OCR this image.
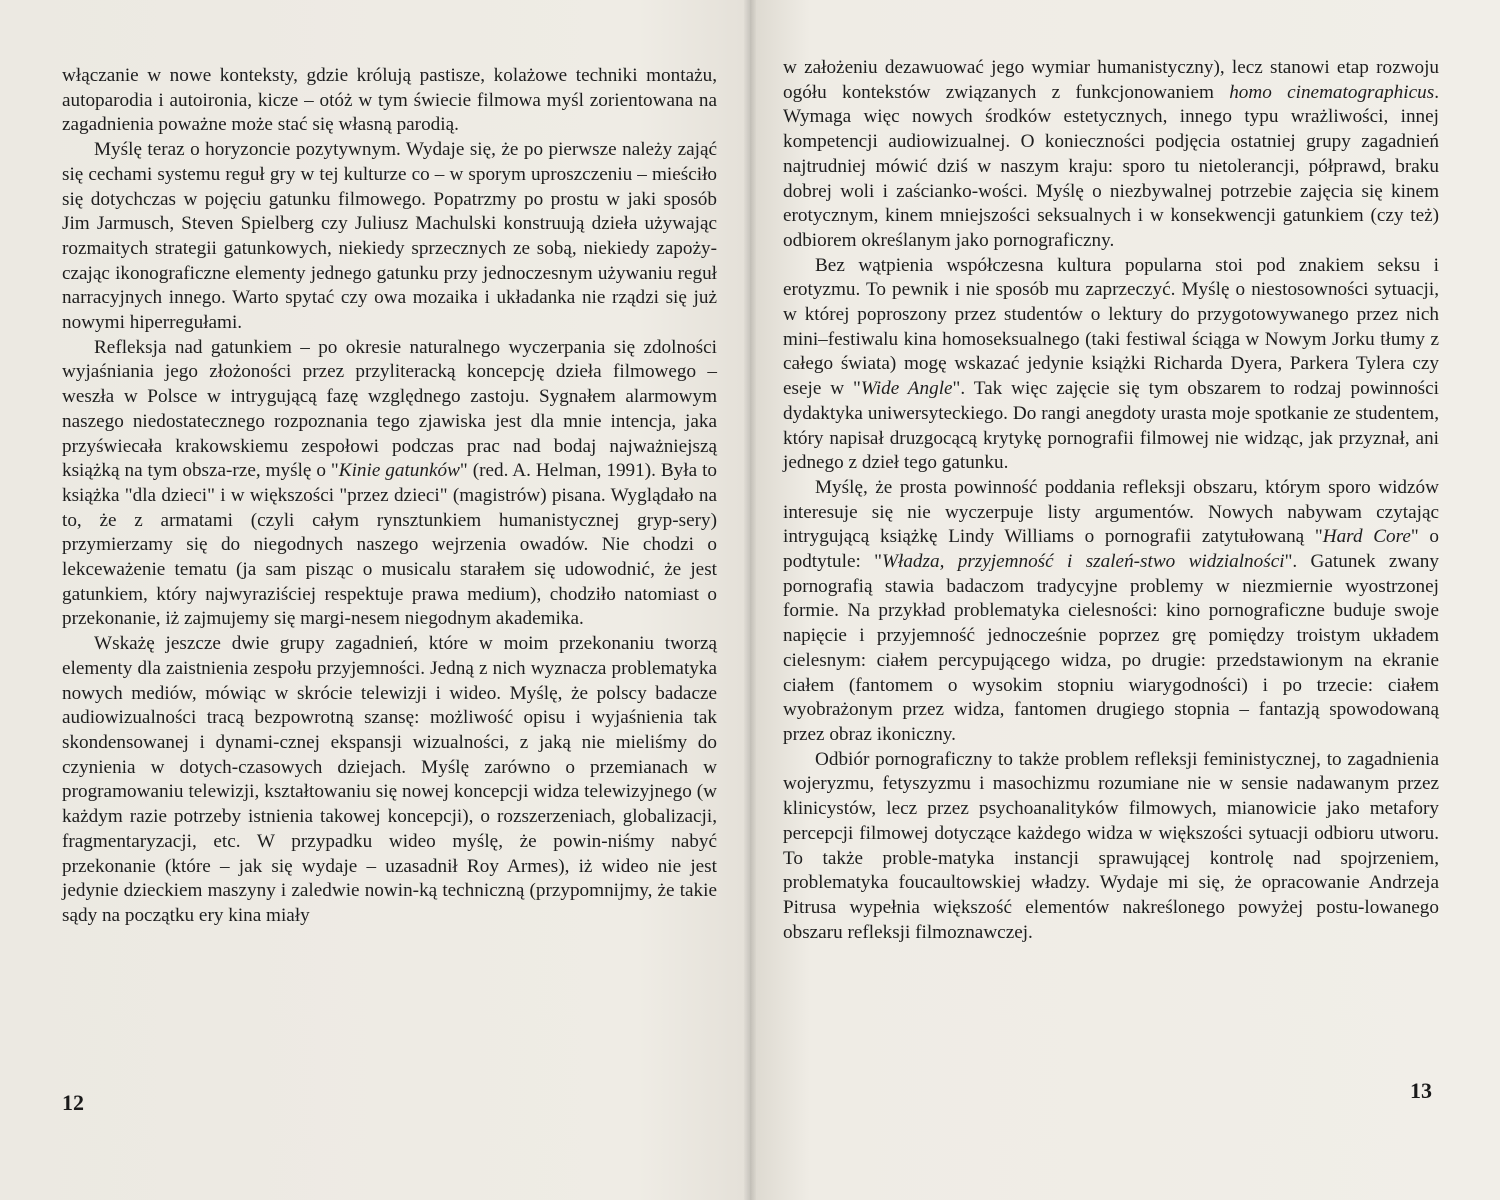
włączanie w nowe konteksty, gdzie królują pastisze, kolażowe techniki montażu, autoparodia i autoironia, kicze – otóż w tym świecie filmowa myśl zorientowana na zagadnienia poważne może stać się własną parodią.

Myślę teraz o horyzoncie pozytywnym. Wydaje się, że po pierwsze należy zająć się cechami systemu reguł gry w tej kulturze co – w sporym uproszczeniu – mieściło się dotychczas w pojęciu gatunku filmowego. Popatrzmy po prostu w jaki sposób Jim Jarmusch, Steven Spielberg czy Juliusz Machulski konstruują dzieła używając rozmaitych strategii gatunkowych, niekiedy sprzecznych ze sobą, niekiedy zapoży-czając ikonograficzne elementy jednego gatunku przy jednoczesnym używaniu reguł narracyjnych innego. Warto spytać czy owa mozaika i układanka nie rządzi się już nowymi hiperregułami.

Refleksja nad gatunkiem – po okresie naturalnego wyczerpania się zdolności wyjaśniania jego złożoności przez przyliteracką koncepcję dzieła filmowego – weszła w Polsce w intrygującą fazę względnego zastoju. Sygnałem alarmowym naszego niedostatecznego rozpoznania tego zjawiska jest dla mnie intencja, jaka przyświecała krakowskiemu zespołowi podczas prac nad bodaj najważniejszą książką na tym obsza-rze, myślę o "Kinie gatunków" (red. A. Helman, 1991). Była to książka "dla dzieci" i w większości "przez dzieci" (magistrów) pisana. Wyglądało na to, że z armatami (czyli całym rynsztunkiem humanistycznej gryp-sery) przymierzamy się do niegodnych naszego wejrzenia owadów. Nie chodzi o lekceważenie tematu (ja sam pisząc o musicalu starałem się udowodnić, że jest gatunkiem, który najwyraziściej respektuje prawa medium), chodziło natomiast o przekonanie, iż zajmujemy się margi-nesem niegodnym akademika.

Wskażę jeszcze dwie grupy zagadnień, które w moim przekonaniu tworzą elementy dla zaistnienia zespołu przyjemności. Jedną z nich wyznacza problematyka nowych mediów, mówiąc w skrócie telewizji i wideo. Myślę, że polscy badacze audiowizualności tracą bezpowrotną szansę: możliwość opisu i wyjaśnienia tak skondensowanej i dynami-cznej ekspansji wizualności, z jaką nie mieliśmy do czynienia w dotych-czasowych dziejach. Myślę zarówno o przemianach w programowaniu telewizji, kształtowaniu się nowej koncepcji widza telewizyjnego (w każdym razie potrzeby istnienia takowej koncepcji), o rozszerzeniach, globalizacji, fragmentaryzacji, etc. W przypadku wideo myślę, że powin-niśmy nabyć przekonanie (które – jak się wydaje – uzasadnił Roy Armes), iż wideo nie jest jedynie dzieckiem maszyny i zaledwie nowin-ką techniczną (przypomnijmy, że takie sądy na początku ery kina miały

12

w założeniu dezawuować jego wymiar humanistyczny), lecz stanowi etap rozwoju ogółu kontekstów związanych z funkcjonowaniem homo cinematographicus. Wymaga więc nowych środków estetycznych, innego typu wrażliwości, innej kompetencji audiowizualnej. O konieczności podjęcia ostatniej grupy zagadnień najtrudniej mówić dziś w naszym kraju: sporo tu nietolerancji, półprawd, braku dobrej woli i zaścianko-wości. Myślę o niezbywalnej potrzebie zajęcia się kinem erotycznym, kinem mniejszości seksualnych i w konsekwencji gatunkiem (czy też) odbiorem określanym jako pornograficzny.

Bez wątpienia współczesna kultura popularna stoi pod znakiem seksu i erotyzmu. To pewnik i nie sposób mu zaprzeczyć. Myślę o niestosowności sytuacji, w której poproszony przez studentów o lektury do przygotowywanego przez nich mini–festiwalu kina homoseksualnego (taki festiwal ściąga w Nowym Jorku tłumy z całego świata) mogę wskazać jedynie książki Richarda Dyera, Parkera Tylera czy eseje w "Wide Angle". Tak więc zajęcie się tym obszarem to rodzaj powinności dydaktyka uniwersyteckiego. Do rangi anegdoty urasta moje spotkanie ze studentem, który napisał druzgocącą krytykę pornografii filmowej nie widząc, jak przyznał, ani jednego z dzieł tego gatunku.

Myślę, że prosta powinność poddania refleksji obszaru, którym sporo widzów interesuje się nie wyczerpuje listy argumentów. Nowych nabywam czytając intrygującą książkę Lindy Williams o pornografii zatytułowaną "Hard Core" o podtytule: "Władza, przyjemność i szaleń-stwo widzialności". Gatunek zwany pornografią stawia badaczom tradycyjne problemy w niezmiernie wyostrzonej formie. Na przykład problematyka cielesności: kino pornograficzne buduje swoje napięcie i przyjemność jednocześnie poprzez grę pomiędzy troistym układem cielesnym: ciałem percypującego widza, po drugie: przedstawionym na ekranie ciałem (fantomem o wysokim stopniu wiarygodności) i po trzecie: ciałem wyobrażonym przez widza, fantomen drugiego stopnia – fantazją spowodowaną przez obraz ikoniczny.

Odbiór pornograficzny to także problem refleksji feministycznej, to zagadnienia wojeryzmu, fetyszyzmu i masochizmu rozumiane nie w sensie nadawanym przez klinicystów, lecz przez psychoanalityków filmowych, mianowicie jako metafory percepcji filmowej dotyczące każdego widza w większości sytuacji odbioru utworu. To także proble-matyka instancji sprawującej kontrolę nad spojrzeniem, problematyka foucaultowskiej władzy. Wydaje mi się, że opracowanie Andrzeja Pitrusa wypełnia większość elementów nakreślonego powyżej postu-lowanego obszaru refleksji filmoznawczej.

13
